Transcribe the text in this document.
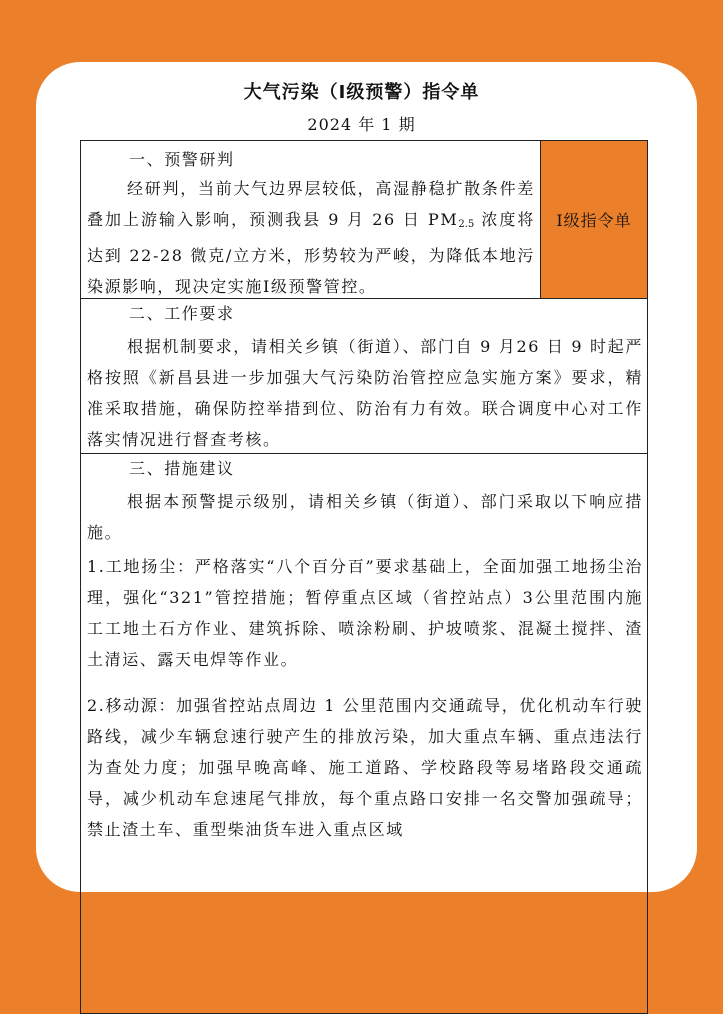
大气污染（I级预警）指令单
2024 年 1 期

一、预警研判

经研判，当前大气边界层较低，高湿静稳扩散条件差叠加上游输入影响，预测我县 9 月 26 日 $PM_{2.5}$ 浓度将达到 22-28 微克/立方米，形势较为严峻，为降低本地污染源影响，现决定实施I级预警管控。

I级指令单

二、工作要求

根据机制要求，请相关乡镇（街道）、部门自 9 月26 日 9 时起严格按照《新昌县进一步加强大气污染防治管控应急实施方案》要求，精准采取措施，确保防控举措到位、防治有力有效。联合调度中心对工作落实情况进行督查考核。

三、措施建议

根据本预警提示级别，请相关乡镇（街道）、部门采取以下响应措施。

1.工地扬尘：严格落实“八个百分百”要求基础上，全面加强工地扬尘治理，强化“321”管控措施；暂停重点区域（省控站点）3公里范围内施工工地土石方作业、建筑拆除、喷涂粉刷、护坡喷浆、混凝土搅拌、渣土清运、露天电焊等作业。

2.移动源：加强省控站点周边 1 公里范围内交通疏导，优化机动车行驶路线，减少车辆怠速行驶产生的排放污染，加大重点车辆、重点违法行为查处力度；加强早晚高峰、施工道路、学校路段等易堵路段交通疏导，减少机动车怠速尾气排放，每个重点路口安排一名交警加强疏导；禁止渣土车、重型柴油货车进入重点区域
